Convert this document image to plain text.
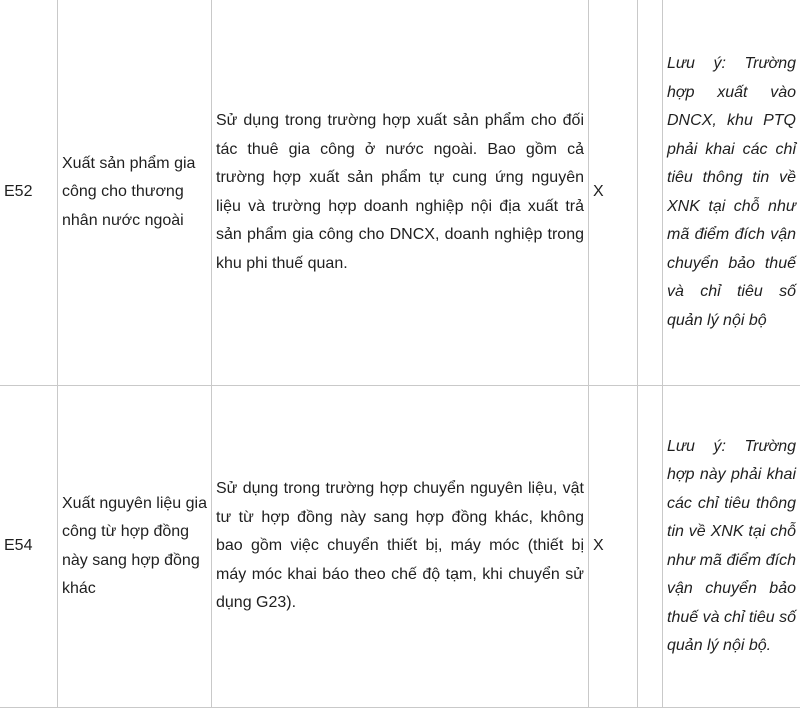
E52	Xuất sản phẩm gia công cho thương nhân nước ngoài	Sử dụng trong trường hợp xuất sản phẩm cho đối tác thuê gia công ở nước ngoài. Bao gồm cả trường hợp xuất sản phẩm tự cung ứng nguyên liệu và trường hợp doanh nghiệp nội địa xuất trả sản phẩm gia công cho DNCX, doanh nghiệp trong khu phi thuế quan.	X		Lưu ý: Trường hợp xuất vào DNCX, khu PTQ phải khai các chỉ tiêu thông tin về XNK tại chỗ như mã điểm đích vận chuyển bảo thuế và chỉ tiêu số quản lý nội bộ
E54	Xuất nguyên liệu gia công từ hợp đồng này sang hợp đồng khác	Sử dụng trong trường hợp chuyển nguyên liệu, vật tư từ hợp đồng này sang hợp đồng khác, không bao gồm việc chuyển thiết bị, máy móc (thiết bị máy móc khai báo theo chế độ tạm, khi chuyển sử dụng G23).	X		Lưu ý: Trường hợp này phải khai các chỉ tiêu thông tin về XNK tại chỗ như mã điểm đích vận chuyển bảo thuế và chỉ tiêu số quản lý nội bộ.
